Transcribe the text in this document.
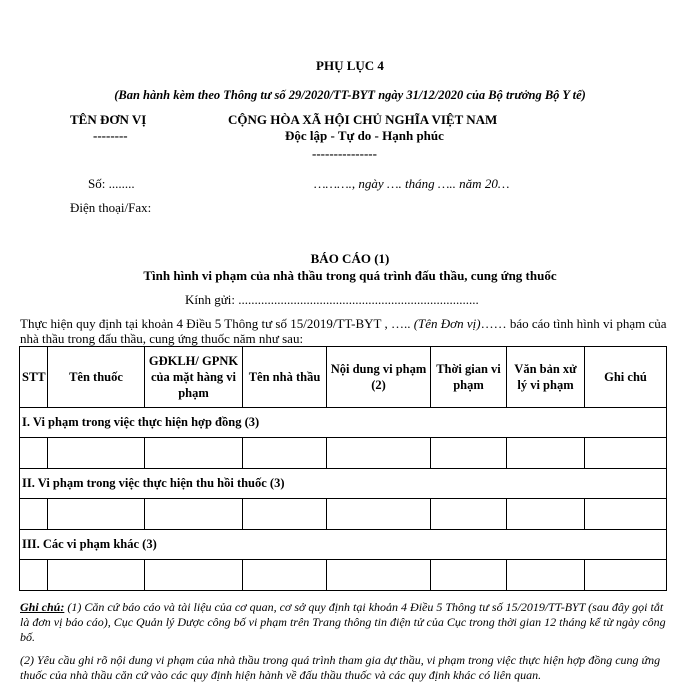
PHỤ LỤC 4
(Ban hành kèm theo Thông tư số 29/2020/TT-BYT ngày 31/12/2020 của Bộ trưởng Bộ Y tế)
TÊN ĐƠN VỊ
--------
CỘNG HÒA XÃ HỘI CHỦ NGHĨA VIỆT NAM
Độc lập - Tự do - Hạnh phúc
---------------
Số: ........	………., ngày …. tháng ….. năm 20…
Điện thoại/Fax:
BÁO CÁO (1)
Tình hình vi phạm của nhà thầu trong quá trình đấu thầu, cung ứng thuốc
Kính gửi: ..........................................................................
Thực hiện quy định tại khoản 4 Điều 5 Thông tư số 15/2019/TT-BYT , ….. (Tên Đơn vị)…… báo cáo tình hình vi phạm của nhà thầu trong đấu thầu, cung ứng thuốc năm như sau:
STT	Tên thuốc	GĐKLH/ GPNK của mặt hàng vi phạm	Tên nhà thầu	Nội dung vi phạm (2)	Thời gian vi phạm	Văn bản xử lý vi phạm	Ghi chú
I. Vi phạm trong việc thực hiện hợp đồng (3)							

II. Vi phạm trong việc thực hiện thu hồi thuốc (3)							

III. Các vi phạm khác (3)							

Ghi chú: (1) Căn cứ báo cáo và tài liệu của cơ quan, cơ sở quy định tại khoản 4 Điều 5 Thông tư số 15/2019/TT-BYT (sau đây gọi tắt là đơn vị báo cáo), Cục Quản lý Dược công bố vi phạm trên Trang thông tin điện tử của Cục trong thời gian 12 tháng kể từ ngày công bố.

(2) Yêu cầu ghi rõ nội dung vi phạm của nhà thầu trong quá trình tham gia dự thầu, vi phạm trong việc thực hiện hợp đồng cung ứng thuốc của nhà thầu căn cứ vào các quy định hiện hành về đấu thầu thuốc và các quy định khác có liên quan.
